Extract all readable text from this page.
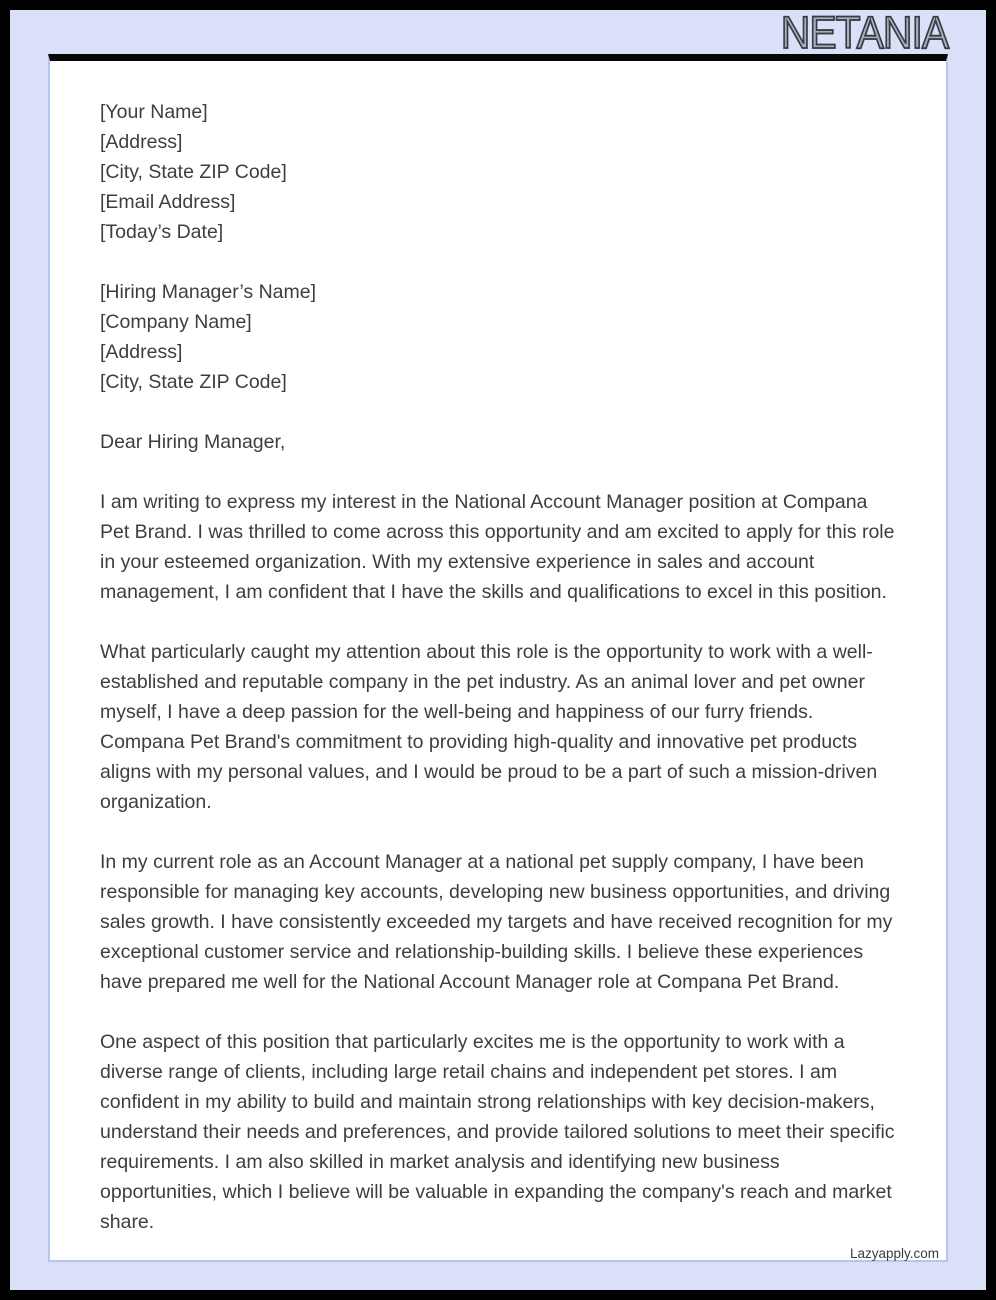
NETANIA
[Your Name]
[Address]
[City, State ZIP Code]
[Email Address]
[Today’s Date]
[Hiring Manager’s Name]
[Company Name]
[Address]
[City, State ZIP Code]

Dear Hiring Manager,

I am writing to express my interest in the National Account Manager position at Compana Pet Brand. I was thrilled to come across this opportunity and am excited to apply for this role in your esteemed organization. With my extensive experience in sales and account management, I am confident that I have the skills and qualifications to excel in this position.

What particularly caught my attention about this role is the opportunity to work with a well-established and reputable company in the pet industry. As an animal lover and pet owner myself, I have a deep passion for the well-being and happiness of our furry friends. Compana Pet Brand's commitment to providing high-quality and innovative pet products aligns with my personal values, and I would be proud to be a part of such a mission-driven organization.

In my current role as an Account Manager at a national pet supply company, I have been responsible for managing key accounts, developing new business opportunities, and driving sales growth. I have consistently exceeded my targets and have received recognition for my exceptional customer service and relationship-building skills. I believe these experiences have prepared me well for the National Account Manager role at Compana Pet Brand.

One aspect of this position that particularly excites me is the opportunity to work with a diverse range of clients, including large retail chains and independent pet stores. I am confident in my ability to build and maintain strong relationships with key decision-makers, understand their needs and preferences, and provide tailored solutions to meet their specific requirements. I am also skilled in market analysis and identifying new business opportunities, which I believe will be valuable in expanding the company's reach and market share.

Lazyapply.com
